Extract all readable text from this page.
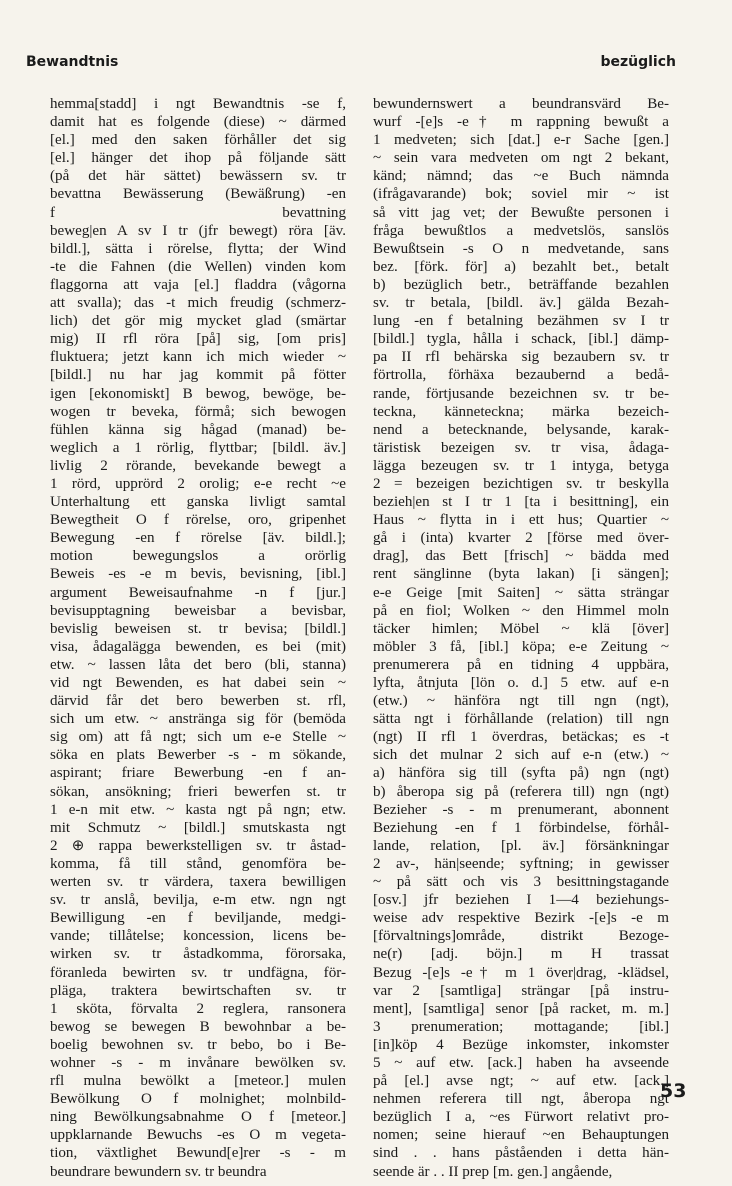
Bewandtnis	bezüglich
hemma[stadd] i ngt Bewandtnis -se f,
damit hat es folgende (diese) ~ därmed
[el.] med den saken förhåller det sig
[el.] hänger det ihop på följande sätt
(på det här sättet) bewässern sv. tr
bevattna Bewässerung (Bewäßrung) -en
f bevattning
beweg|en A sv I tr (jfr bewegt) röra [äv.
bildl.], sätta i rörelse, flytta; der Wind
-te die Fahnen (die Wellen) vinden kom
flaggorna att vaja [el.] fladdra (vågorna
att svalla); das -t mich freudig (schmerz-
lich) det gör mig mycket glad (smärtar
mig) II rfl röra [på] sig, [om pris]
fluktuera; jetzt kann ich mich wieder ~
[bildl.] nu har jag kommit på fötter
igen [ekonomiskt] B bewog, bewöge, be-
wogen tr beveka, förmå; sich bewogen
fühlen känna sig hågad (manad) be-
weglich a 1 rörlig, flyttbar; [bildl. äv.]
livlig 2 rörande, bevekande bewegt a
1 rörd, upprörd 2 orolig; e-e recht ~e
Unterhaltung ett ganska livligt samtal
Bewegtheit O f rörelse, oro, gripenhet
Bewegung -en f rörelse [äv. bildl.];
motion bewegungslos a orörlig
Beweis -es -e m bevis, bevisning, [ibl.]
argument Beweisaufnahme -n f [jur.]
bevisupptagning beweisbar a bevisbar,
bevislig beweisen st. tr bevisa; [bildl.]
visa, ådagalägga bewenden, es bei (mit)
etw. ~ lassen låta det bero (bli, stanna)
vid ngt Bewenden, es hat dabei sein ~
därvid får det bero bewerben st. rfl,
sich um etw. ~ anstränga sig för (bemöda
sig om) att få ngt; sich um e-e Stelle ~
söka en plats Bewerber -s - m sökande,
aspirant; friare Bewerbung -en f an-
sökan, ansökning; frieri bewerfen st. tr
1 e-n mit etw. ~ kasta ngt på ngn; etw.
mit Schmutz ~ [bildl.] smutskasta ngt
2 ⊕ rappa bewerkstelligen sv. tr åstad-
komma, få till stånd, genomföra be-
werten sv. tr värdera, taxera bewilligen
sv. tr anslå, bevilja, e-m etw. ngn ngt
Bewilligung -en f beviljande, medgi-
vande; tillåtelse; koncession, licens be-
wirken sv. tr åstadkomma, förorsaka,
föranleda bewirten sv. tr undfägna, för-
pläga, traktera bewirtschaften sv. tr
1 sköta, förvalta 2 reglera, ransonera
bewog se bewegen B bewohnbar a be-
boelig bewohnen sv. tr bebo, bo i Be-
wohner -s - m invånare bewölken sv.
rfl mulna bewölkt a [meteor.] mulen
Bewölkung O f molnighet; molnbild-
ning Bewölkungsabnahme O f [meteor.]
uppklarnande Bewuchs -es O m vegeta-
tion, växtlighet Bewund[e]rer -s - m
beundrare bewundern sv. tr beundra
bewundernswert a beundransvärd Be-
wurf -[e]s -e† m rappning bewußt a
1 medveten; sich [dat.] e-r Sache [gen.]
~ sein vara medveten om ngt 2 bekant,
känd; nämnd; das ~e Buch nämnda
(ifrågavarande) bok; soviel mir ~ ist
så vitt jag vet; der Bewußte personen i
fråga bewußtlos a medvetslös, sanslös
Bewußtsein -s O n medvetande, sans
bez. [förk. för] a) bezahlt bet., betalt
b) bezüglich betr., beträffande bezahlen
sv. tr betala, [bildl. äv.] gälda Bezah-
lung -en f betalning bezähmen sv I tr
[bildl.] tygla, hålla i schack, [ibl.] dämp-
pa II rfl behärska sig bezaubern sv. tr
förtrolla, förhäxa bezaubernd a bedå-
rande, förtjusande bezeichnen sv. tr be-
teckna, känneteckna; märka bezeich-
nend a betecknande, belysande, karak-
täristisk bezeigen sv. tr visa, ådaga-
lägga bezeugen sv. tr 1 intyga, betyga
2 = bezeigen bezichtigen sv. tr beskylla
bezieh|en st I tr 1 [ta i besittning], ein
Haus ~ flytta in i ett hus; Quartier ~
gå i (inta) kvarter 2 [förse med över-
drag], das Bett [frisch] ~ bädda med
rent sänglinne (byta lakan) [i sängen];
e-e Geige [mit Saiten] ~ sätta strängar
på en fiol; Wolken ~ den Himmel moln
täcker himlen; Möbel ~ klä [över]
möbler 3 få, [ibl.] köpa; e-e Zeitung ~
prenumerera på en tidning 4 uppbära,
lyfta, åtnjuta [lön o. d.] 5 etw. auf e-n
(etw.) ~ hänföra ngt till ngn (ngt),
sätta ngt i förhållande (relation) till ngn
(ngt) II rfl 1 överdras, betäckas; es -t
sich det mulnar 2 sich auf e-n (etw.) ~
a) hänföra sig till (syfta på) ngn (ngt)
b) åberopa sig på (referera till) ngn (ngt)
Bezieher -s - m prenumerant, abonnent
Beziehung -en f 1 förbindelse, förhål-
lande, relation, [pl. äv.] försänkningar
2 av-, hän|seende; syftning; in gewisser
~ på sätt och vis 3 besittningstagande
[osv.] jfr beziehen I 1—4 beziehungs-
weise adv respektive Bezirk -[e]s -e m
[förvaltnings]område, distrikt Bezoge-
ne(r) [adj. böjn.] m H trassat
Bezug -[e]s -e† m 1 över|drag, -klädsel,
var 2 [samtliga] strängar [på instru-
ment], [samtliga] senor [på racket, m. m.]
3 prenumeration; mottagande; [ibl.]
[in]köp 4 Bezüge inkomster, inkomster
5 ~ auf etw. [ack.] haben ha avseende
på [el.] avse ngt; ~ auf etw. [ack.]
nehmen referera till ngt, åberopa ngt
bezüglich I a, ~es Fürwort relativt pro-
nomen; seine hierauf ~en Behauptungen
sind . . hans påståenden i detta hän-
seende är . . II prep [m. gen.] angående,
53
